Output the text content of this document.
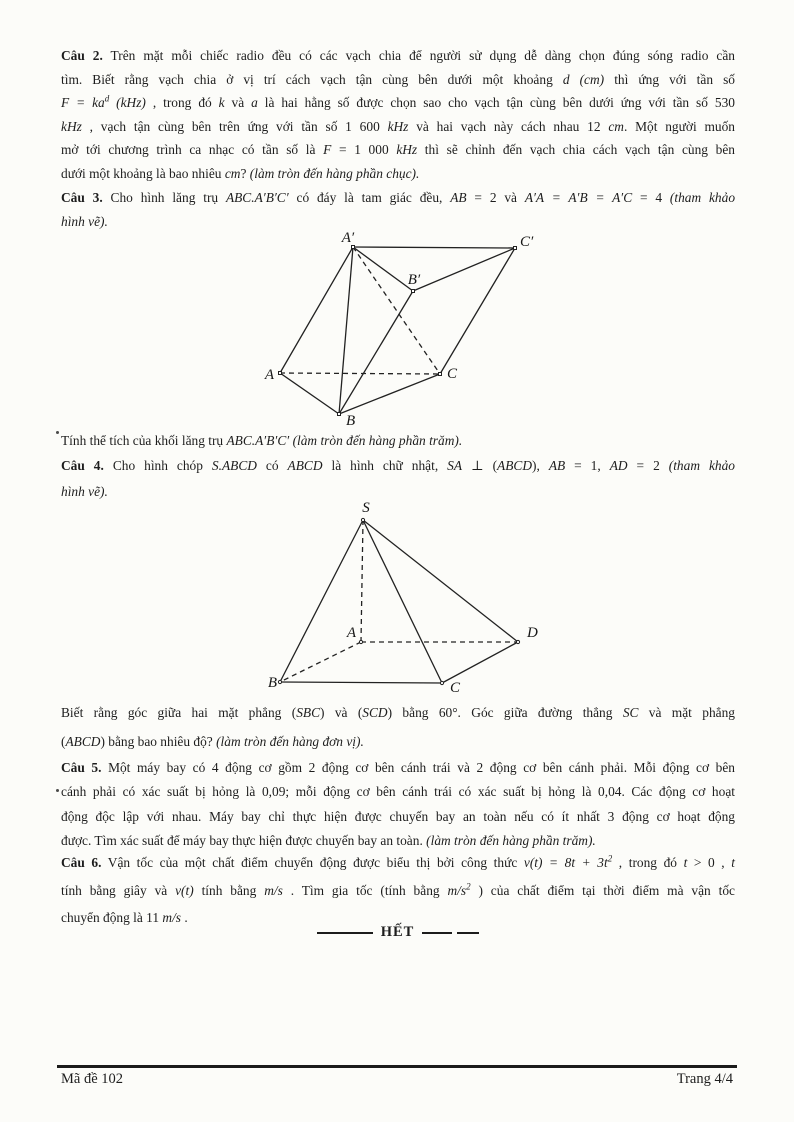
Câu 2. Trên mặt mỗi chiếc radio đều có các vạch chia để người sử dụng dễ dàng chọn đúng sóng radio cần
tìm. Biết rằng vạch chia ở vị trí cách vạch tận cùng bên dưới một khoảng d (cm) thì ứng với tần số
$F = ka^d$ (kHz) , trong đó k và a là hai hằng số được chọn sao cho vạch tận cùng bên dưới ứng với tần số 530
kHz , vạch tận cùng bên trên ứng với tần số 1 600 kHz và hai vạch này cách nhau 12 cm. Một người muốn
mở tới chương trình ca nhạc có tần số là F = 1 000 kHz thì sẽ chỉnh đến vạch chia cách vạch tận cùng bên
dưới một khoảng là bao nhiêu cm? (làm tròn đến hàng phần chục).
Câu 3. Cho hình lăng trụ ABC.A′B′C′ có đáy là tam giác đều, AB = 2 và A′A = A′B = A′C = 4 (tham khảo
hình vẽ).
A′	C′
B′
A	C
B
Tính thể tích của khối lăng trụ ABC.A′B′C′ (làm tròn đến hàng phần trăm).
Câu 4. Cho hình chóp S.ABCD có ABCD là hình chữ nhật, SA ⊥ (ABCD), AB = 1, AD = 2 (tham khảo
hình vẽ).
S
A	D
B	C
Biết rằng góc giữa hai mặt phẳng (SBC) và (SCD) bằng 60°. Góc giữa đường thẳng SC và mặt phẳng
(ABCD) bằng bao nhiêu độ? (làm tròn đến hàng đơn vị).
Câu 5. Một máy bay có 4 động cơ gồm 2 động cơ bên cánh trái và 2 động cơ bên cánh phải. Mỗi động cơ bên
cánh phải có xác suất bị hỏng là 0,09; mỗi động cơ bên cánh trái có xác suất bị hỏng là 0,04. Các động cơ hoạt
động độc lập với nhau. Máy bay chỉ thực hiện được chuyến bay an toàn nếu có ít nhất 3 động cơ hoạt động
được. Tìm xác suất để máy bay thực hiện được chuyến bay an toàn. (làm tròn đến hàng phần trăm).
Câu 6. Vận tốc của một chất điểm chuyển động được biểu thị bởi công thức $v(t) = 8t + 3t^2$ , trong đó t > 0 , t
tính bằng giây và v(t) tính bằng m/s . Tìm gia tốc (tính bằng $m/s^2$ ) của chất điểm tại thời điểm mà vận tốc
chuyển động là 11 m/s .
HẾT
Mã đề 102	Trang 4/4
